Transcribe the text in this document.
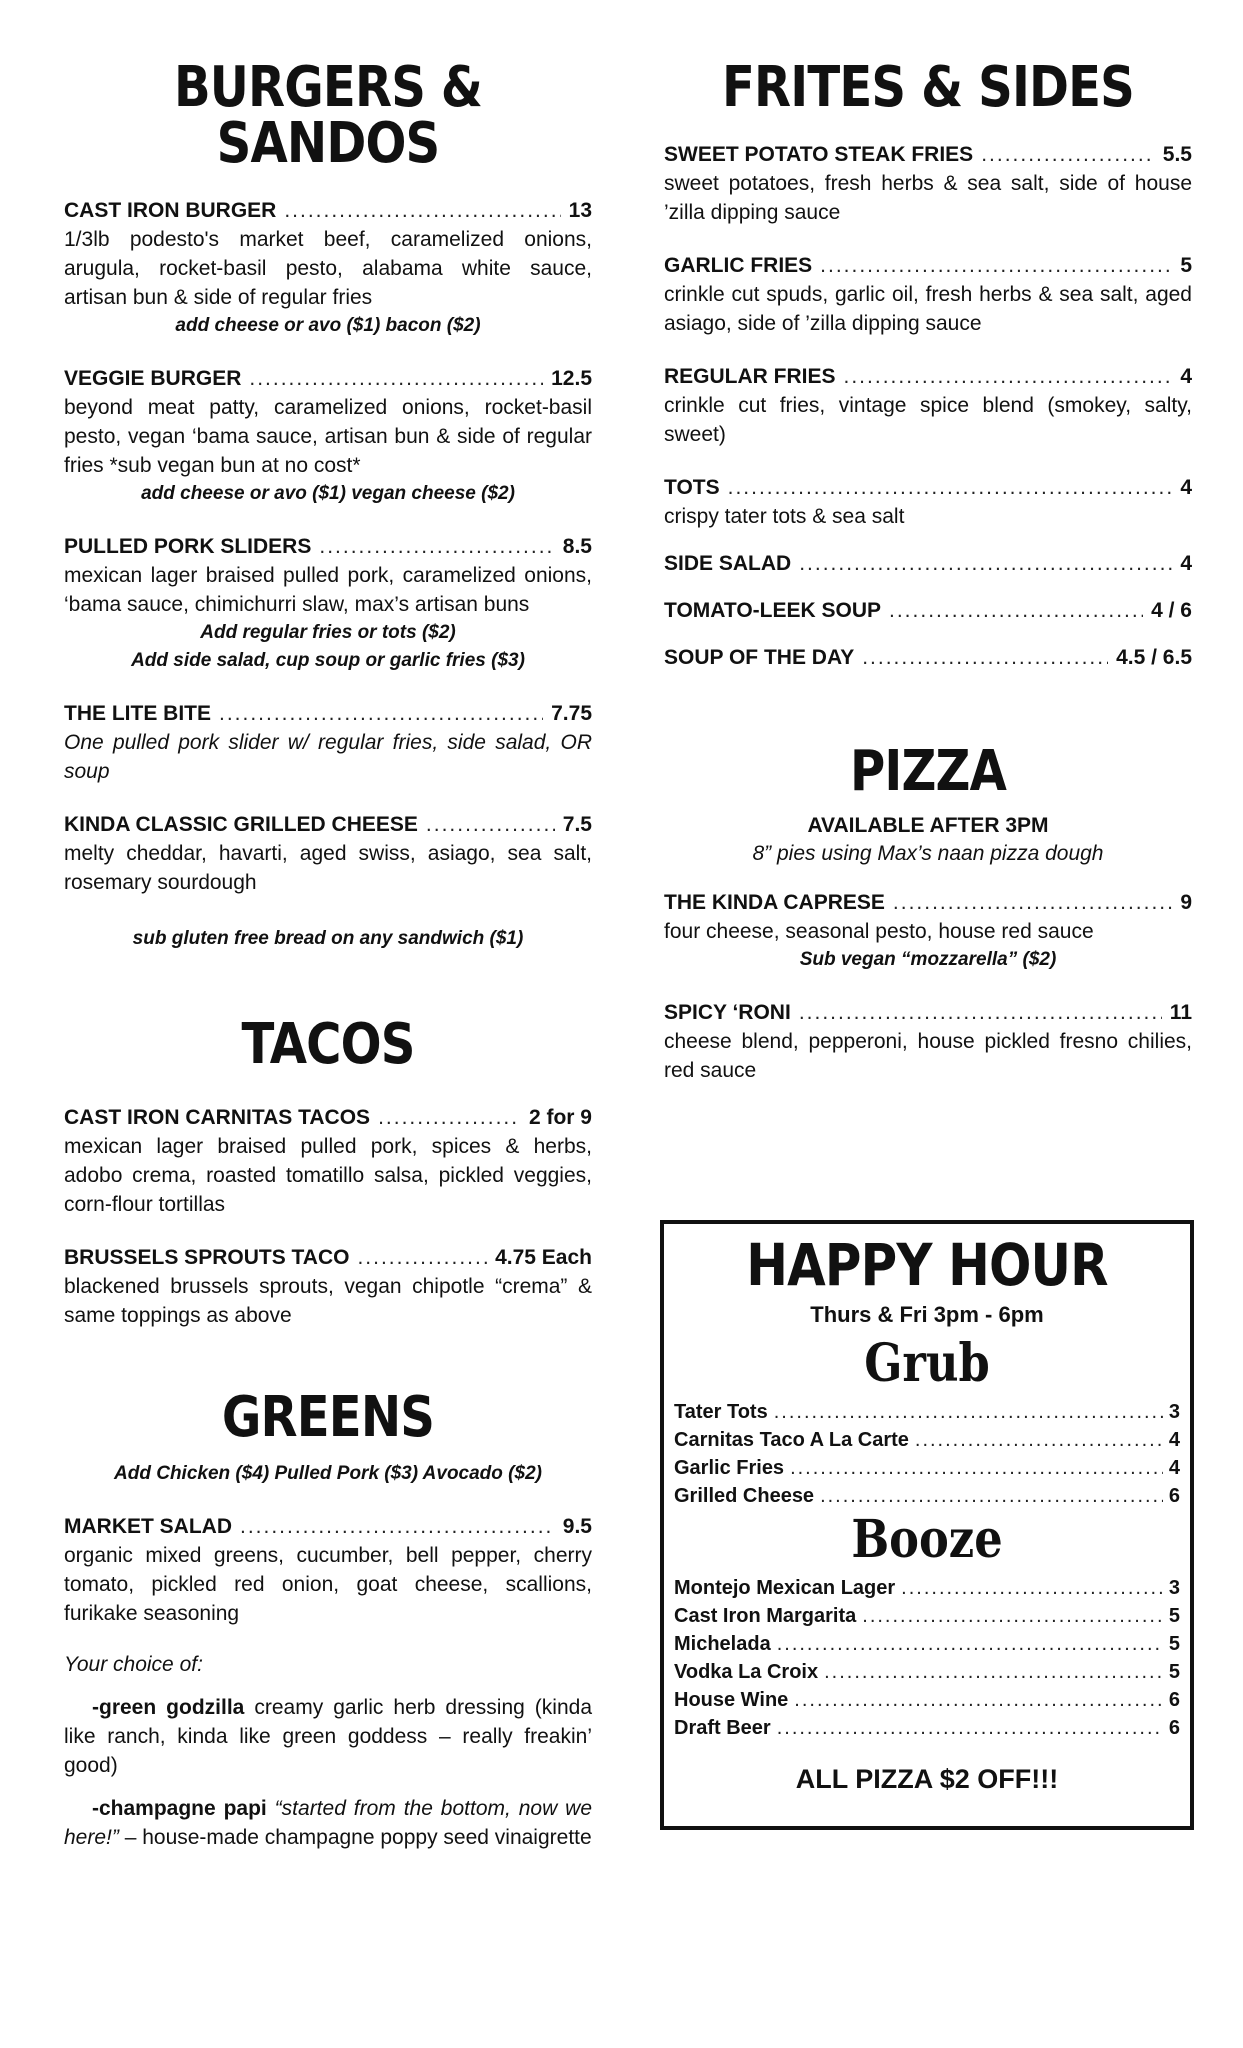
BURGERS & SANDOS
CAST IRON BURGER .....	13
1/3lb podesto's market beef, caramelized onions, arugula, rocket-basil pesto, alabama white sauce, artisan bun & side of regular fries
add cheese or avo ($1) bacon ($2)
VEGGIE BURGER .....	12.5
beyond meat patty, caramelized onions, rocket-basil pesto, vegan ‘bama sauce, artisan bun & side of regular fries *sub vegan bun at no cost*
add cheese or avo ($1) vegan cheese ($2)
PULLED PORK SLIDERS .....	8.5
mexican lager braised pulled pork, caramelized onions, ‘bama sauce, chimichurri slaw, max’s artisan buns
Add regular fries or tots ($2)
Add side salad, cup soup or garlic fries ($3)
THE LITE BITE .....	7.75
One pulled pork slider w/ regular fries, side salad, OR soup
KINDA CLASSIC GRILLED CHEESE .....	7.5
melty cheddar, havarti, aged swiss, asiago, sea salt, rosemary sourdough
sub gluten free bread on any sandwich ($1)
TACOS
CAST IRON CARNITAS TACOS .....	2 for 9
mexican lager braised pulled pork, spices & herbs, adobo crema, roasted tomatillo salsa, pickled veggies, corn-flour tortillas
BRUSSELS SPROUTS TACO .....	4.75 Each
blackened brussels sprouts, vegan chipotle “crema” & same toppings as above
GREENS
Add Chicken ($4) Pulled Pork ($3) Avocado ($2)
MARKET SALAD .....	9.5
organic mixed greens, cucumber, bell pepper, cherry tomato, pickled red onion, goat cheese, scallions, furikake seasoning
Your choice of:
-green godzilla creamy garlic herb dressing (kinda like ranch, kinda like green goddess – really freakin’ good)
-champagne papi “started from the bottom, now we here!” – house-made champagne poppy seed vinaigrette
FRITES & SIDES
SWEET POTATO STEAK FRIES .....	5.5
sweet potatoes, fresh herbs & sea salt, side of house ’zilla dipping sauce
GARLIC FRIES .....	5
crinkle cut spuds, garlic oil, fresh herbs & sea salt, aged asiago, side of ’zilla dipping sauce
REGULAR FRIES .....	4
crinkle cut fries, vintage spice blend (smokey, salty, sweet)
TOTS .....	4
crispy tater tots & sea salt
SIDE SALAD .....	4
TOMATO-LEEK SOUP .....	4 / 6
SOUP OF THE DAY .....	4.5 / 6.5
PIZZA
AVAILABLE AFTER 3PM
8” pies using Max’s naan pizza dough
THE KINDA CAPRESE .....	9
four cheese, seasonal pesto, house red sauce
Sub vegan “mozzarella” ($2)
SPICY ‘RONI .....	11
cheese blend, pepperoni, house pickled fresno chilies, red sauce
HAPPY HOUR
Thurs & Fri 3pm - 6pm
Grub
Tater Tots .....	3
Carnitas Taco A La Carte .....	4
Garlic Fries .....	4
Grilled Cheese .....	6
Booze
Montejo Mexican Lager .....	3
Cast Iron Margarita .....	5
Michelada .....	5
Vodka La Croix .....	5
House Wine .....	6
Draft Beer .....	6
ALL PIZZA $2 OFF!!!
